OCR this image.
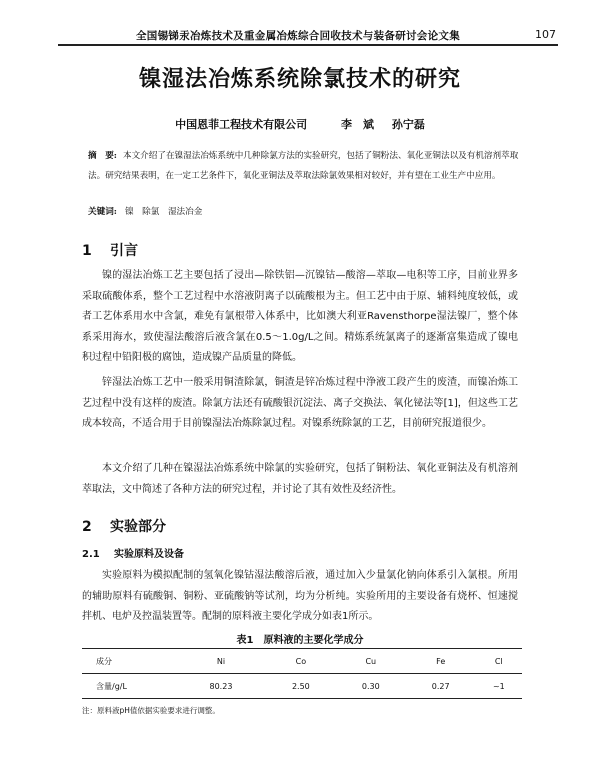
全国锡锑汞冶炼技术及重金属冶炼综合回收技术与装备研讨会论文集	107
镍湿法冶炼系统除氯技术的研究
中国恩菲工程技术有限公司	李　斌 孙宁磊
摘　要: 本文介绍了在镍湿法冶炼系统中几种除氯方法的实验研究，包括了铜粉法、氧化亚铜法以及有机溶剂萃取法。研究结果表明，在一定工艺条件下，氧化亚铜法及萃取法除氯效果相对较好，并有望在工业生产中应用。
关键词: 镍　除氯　湿法冶金
1 引言
镍的湿法冶炼工艺主要包括了浸出—除铁铝—沉镍钴—酸溶—萃取—电积等工序，目前业界多采取硫酸体系，整个工艺过程中水溶液阴离子以硫酸根为主。但工艺中由于原、辅料纯度较低，或者工艺体系用水中含氯，难免有氯根带入体系中，比如澳大利亚Ravensthorpe湿法镍厂，整个体系采用海水，致使湿法酸溶后液含氯在0.5～1.0g/L之间。精炼系统氯离子的逐渐富集造成了镍电积过程中铅阳极的腐蚀，造成镍产品质量的降低。
锌湿法冶炼工艺中一般采用铜渣除氯，铜渣是锌冶炼过程中浄液工段产生的废渣，而镍冶炼工艺过程中没有这样的废渣。除氯方法还有硫酸银沉淀法、离子交换法、氧化铋法等[1]，但这些工艺成本较高，不适合用于目前镍湿法冶炼除氯过程。对镍系统除氯的工艺，目前研究报道很少。
本文介绍了几种在镍湿法冶炼系统中除氯的实验研究，包括了铜粉法、氧化亚铜法及有机溶剂萃取法，文中简述了各种方法的研究过程，并讨论了其有效性及经济性。
2 实验部分
2.1 实验原料及设备
实验原料为模拟配制的氢氧化镍钴湿法酸溶后液，通过加入少量氯化钠向体系引入氯根。所用的辅助原料有硫酸铜、铜粉、亚硫酸钠等试剂，均为分析纯。实验所用的主要设备有烧杯、恒速搅拌机、电炉及控温装置等。配制的原料液主要化学成分如表1所示。
表1　原料液的主要化学成分
成分	Ni	Co	Cu	Fe	Cl
含量/g/L	80.23	2.50	0.30	0.27	~1
注：原料液pH值依据实验要求进行调整。
